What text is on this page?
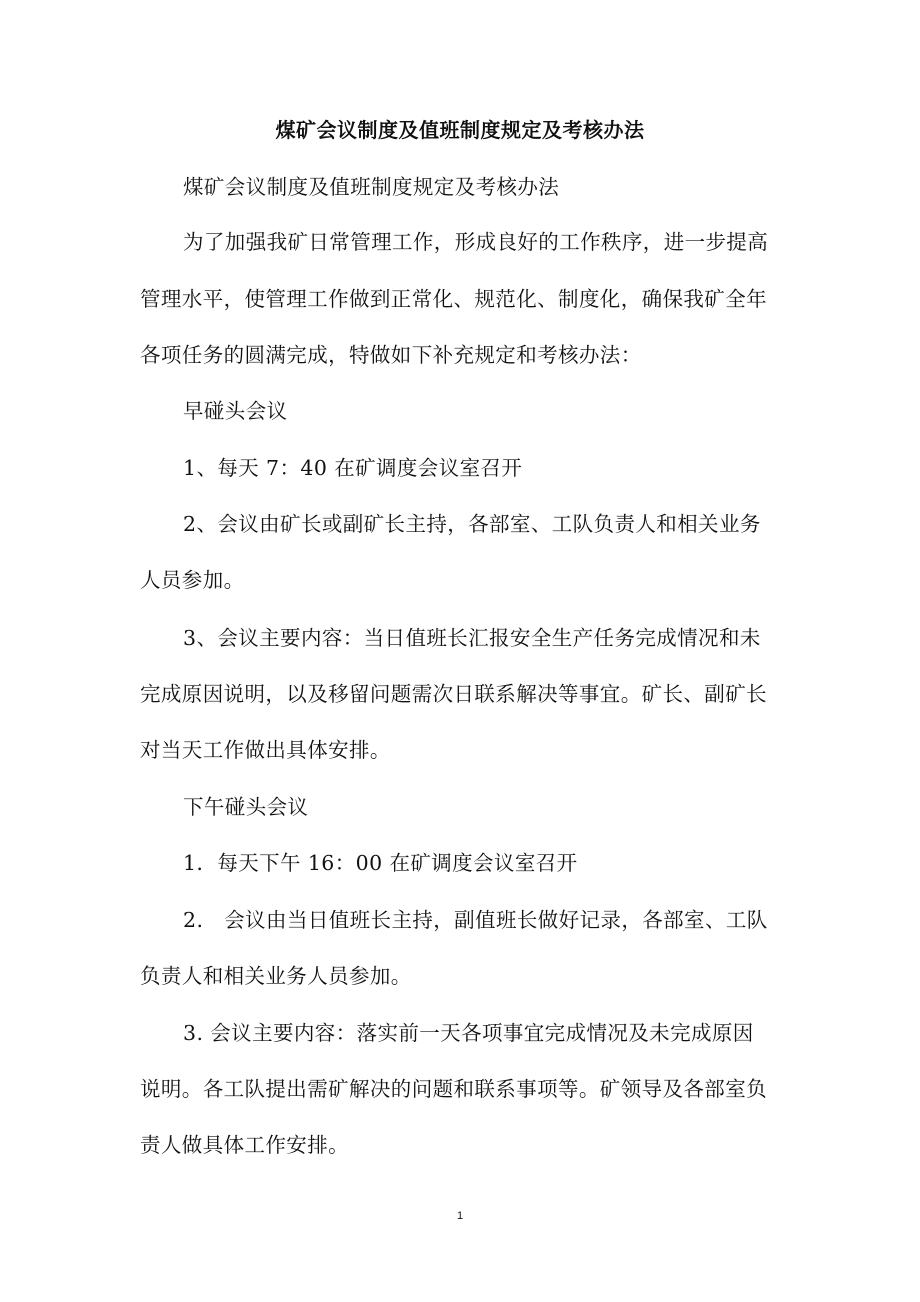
煤矿会议制度及值班制度规定及考核办法
煤矿会议制度及值班制度规定及考核办法
为了加强我矿日常管理工作，形成良好的工作秩序，进一步提高
管理水平，使管理工作做到正常化、规范化、制度化，确保我矿全年
各项任务的圆满完成，特做如下补充规定和考核办法：
早碰头会议
1、每天 7：40 在矿调度会议室召开
2、会议由矿长或副矿长主持，各部室、工队负责人和相关业务
人员参加。
3、会议主要内容：当日值班长汇报安全生产任务完成情况和未
完成原因说明，以及移留问题需次日联系解决等事宜。矿长、副矿长
对当天工作做出具体安排。
下午碰头会议
1．每天下午 16：00 在矿调度会议室召开
2.　会议由当日值班长主持，副值班长做好记录，各部室、工队
负责人和相关业务人员参加。
3. 会议主要内容：落实前一天各项事宜完成情况及未完成原因
说明。各工队提出需矿解决的问题和联系事项等。矿领导及各部室负
责人做具体工作安排。
1
